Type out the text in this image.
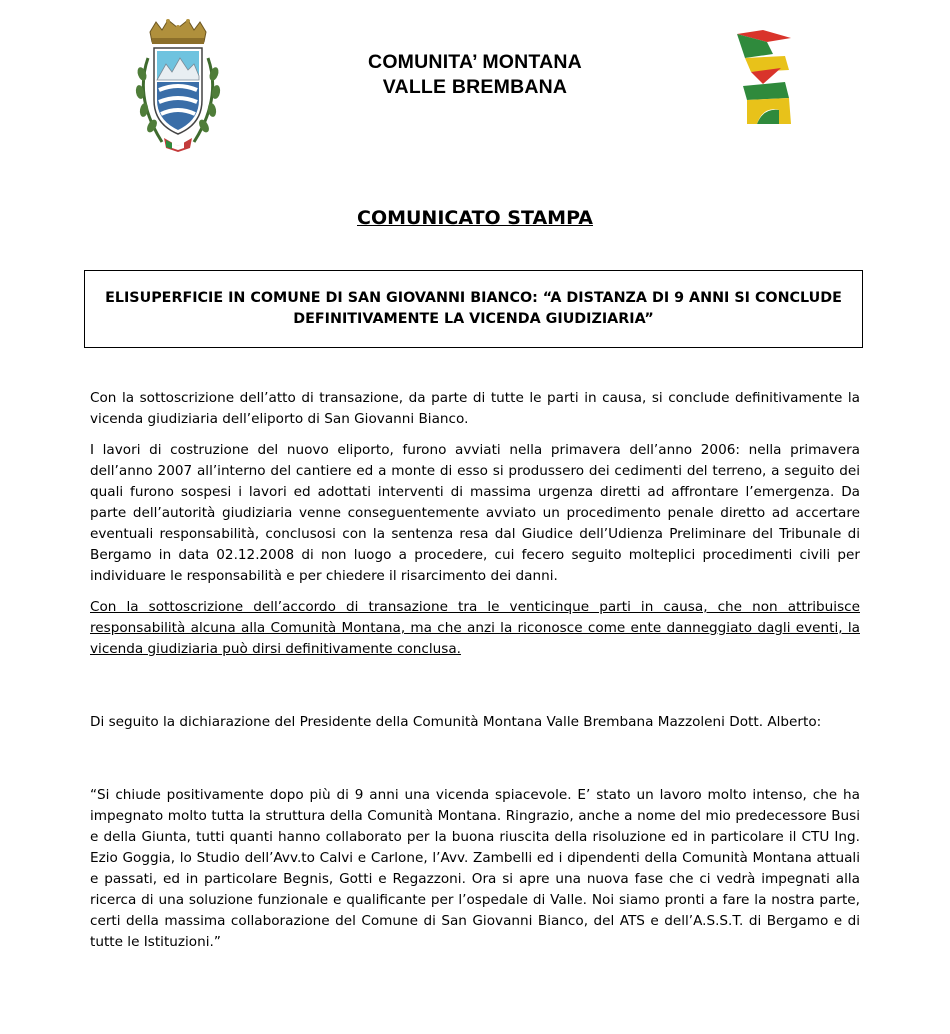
COMUNITA’ MONTANA
VALLE BREMBANA
COMUNICATO STAMPA
ELISUPERFICIE IN COMUNE DI SAN GIOVANNI BIANCO: “A DISTANZA DI 9 ANNI SI CONCLUDE
DEFINITIVAMENTE LA VICENDA GIUDIZIARIA”
Con la sottoscrizione dell’atto di transazione, da parte di tutte le parti in causa, si conclude definitivamente la vicenda giudiziaria dell’eliporto di San Giovanni Bianco.
I lavori di costruzione del nuovo eliporto, furono avviati nella primavera dell’anno 2006: nella primavera dell’anno 2007 all’interno del cantiere ed a monte di esso si produssero dei cedimenti del terreno, a seguito dei quali furono sospesi i lavori ed adottati interventi di massima urgenza diretti ad affrontare l’emergenza. Da parte dell’autorità giudiziaria venne conseguentemente avviato un procedimento penale diretto ad accertare eventuali responsabilità, conclusosi con la sentenza resa dal Giudice dell’Udienza Preliminare del Tribunale di Bergamo in data 02.12.2008 di non luogo a procedere, cui fecero seguito molteplici procedimenti civili per individuare le responsabilità e per chiedere il risarcimento dei danni.
Con la sottoscrizione dell’accordo di transazione tra le venticinque parti in causa, che non attribuisce responsabilità alcuna alla Comunità Montana, ma che anzi la riconosce come ente danneggiato dagli eventi, la vicenda giudiziaria può dirsi definitivamente conclusa.
Di seguito la dichiarazione del Presidente della Comunità Montana Valle Brembana Mazzoleni Dott. Alberto:
“Si chiude positivamente dopo più di 9 anni una vicenda spiacevole. E’ stato un lavoro molto intenso, che ha impegnato molto tutta la struttura della Comunità Montana. Ringrazio, anche a nome del mio predecessore Busi e della Giunta, tutti quanti hanno collaborato per la buona riuscita della risoluzione ed in particolare il CTU Ing. Ezio Goggia, lo Studio dell’Avv.to Calvi e Carlone, l’Avv. Zambelli ed i dipendenti della Comunità Montana attuali e passati, ed in particolare Begnis, Gotti e Regazzoni. Ora si apre una nuova fase che ci vedrà impegnati alla ricerca di una soluzione funzionale e qualificante per l’ospedale di Valle. Noi siamo pronti a fare la nostra parte, certi della massima collaborazione del Comune di San Giovanni Bianco, del ATS e dell’A.S.S.T. di Bergamo e di tutte le Istituzioni.”
